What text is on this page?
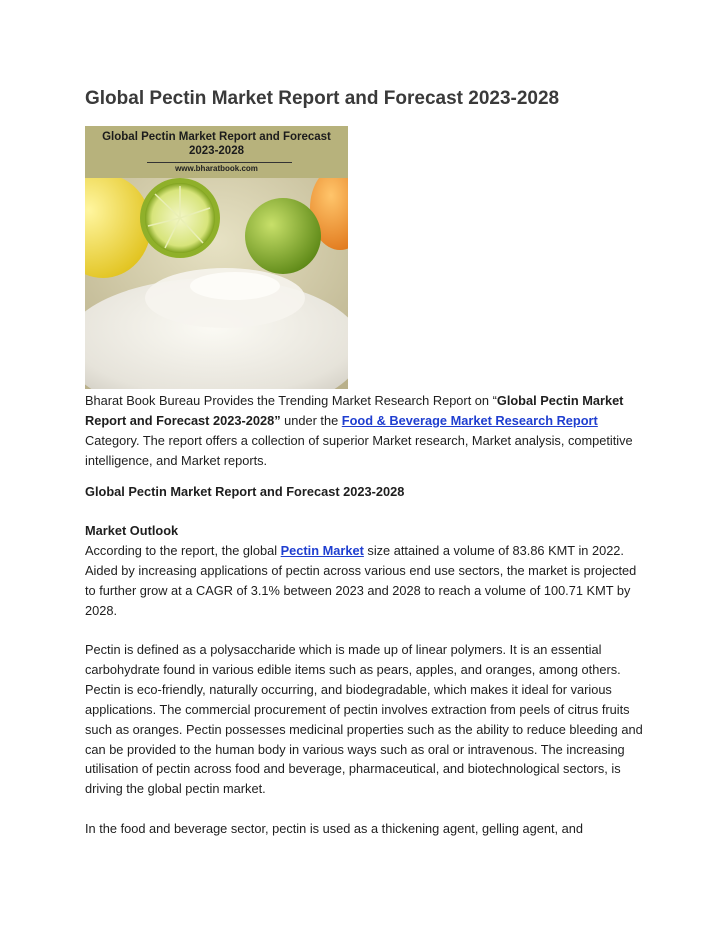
Global Pectin Market Report and Forecast 2023-2028
Global Pectin Market Report and Forecast
2023-2028
www.bharatbook.com

Bharat Book Bureau Provides the Trending Market Research Report on “Global Pectin Market Report and Forecast 2023-2028” under the Food & Beverage Market Research Report Category. The report offers a collection of superior Market research, Market analysis, competitive intelligence, and Market reports.

Global Pectin Market Report and Forecast 2023-2028

Market Outlook

According to the report, the global Pectin Market size attained a volume of 83.86 KMT in 2022. Aided by increasing applications of pectin across various end use sectors, the market is projected to further grow at a CAGR of 3.1% between 2023 and 2028 to reach a volume of 100.71 KMT by 2028.

Pectin is defined as a polysaccharide which is made up of linear polymers. It is an essential carbohydrate found in various edible items such as pears, apples, and oranges, among others. Pectin is eco-friendly, naturally occurring, and biodegradable, which makes it ideal for various applications. The commercial procurement of pectin involves extraction from peels of citrus fruits such as oranges. Pectin possesses medicinal properties such as the ability to reduce bleeding and can be provided to the human body in various ways such as oral or intravenous. The increasing utilisation of pectin across food and beverage, pharmaceutical, and biotechnological sectors, is driving the global pectin market.

In the food and beverage sector, pectin is used as a thickening agent, gelling agent, and
